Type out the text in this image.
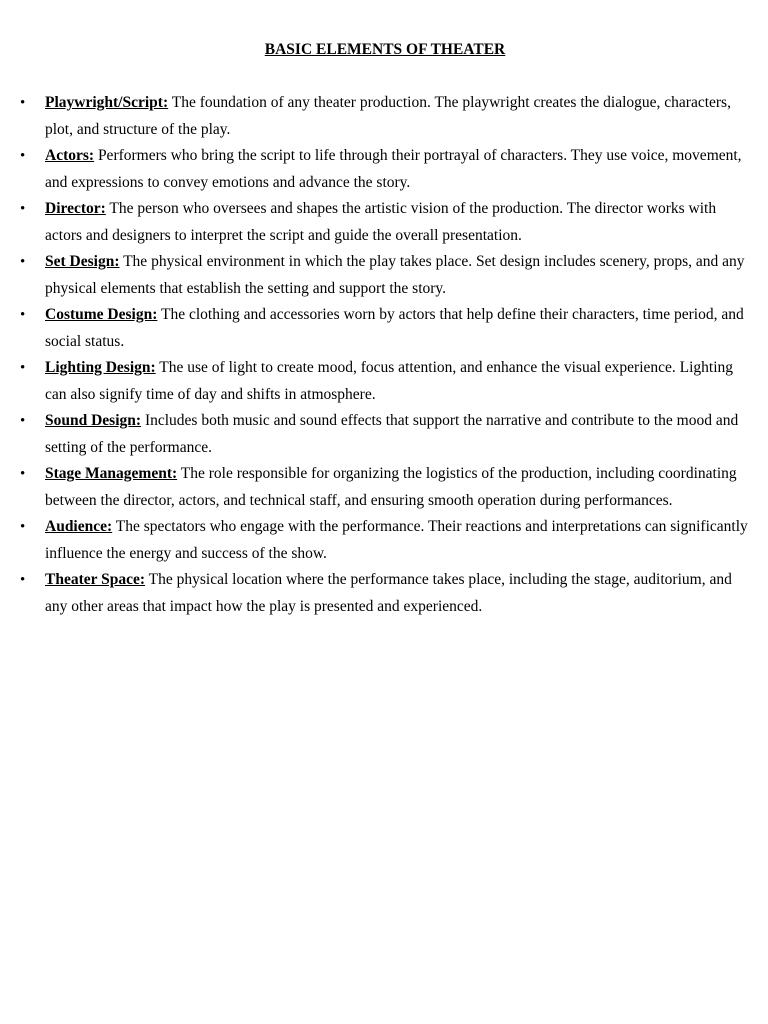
BASIC ELEMENTS OF THEATER
•	Playwright/Script: The foundation of any theater production. The playwright creates the dialogue, characters, plot, and structure of the play.
•	Actors: Performers who bring the script to life through their portrayal of characters. They use voice, movement, and expressions to convey emotions and advance the story.
•	Director: The person who oversees and shapes the artistic vision of the production. The director works with actors and designers to interpret the script and guide the overall presentation.
•	Set Design: The physical environment in which the play takes place. Set design includes scenery, props, and any physical elements that establish the setting and support the story.
•	Costume Design: The clothing and accessories worn by actors that help define their characters, time period, and social status.
•	Lighting Design: The use of light to create mood, focus attention, and enhance the visual experience. Lighting can also signify time of day and shifts in atmosphere.
•	Sound Design: Includes both music and sound effects that support the narrative and contribute to the mood and setting of the performance.
•	Stage Management: The role responsible for organizing the logistics of the production, including coordinating between the director, actors, and technical staff, and ensuring smooth operation during performances.
•	Audience: The spectators who engage with the performance. Their reactions and interpretations can significantly influence the energy and success of the show.
•	Theater Space: The physical location where the performance takes place, including the stage, auditorium, and any other areas that impact how the play is presented and experienced.
